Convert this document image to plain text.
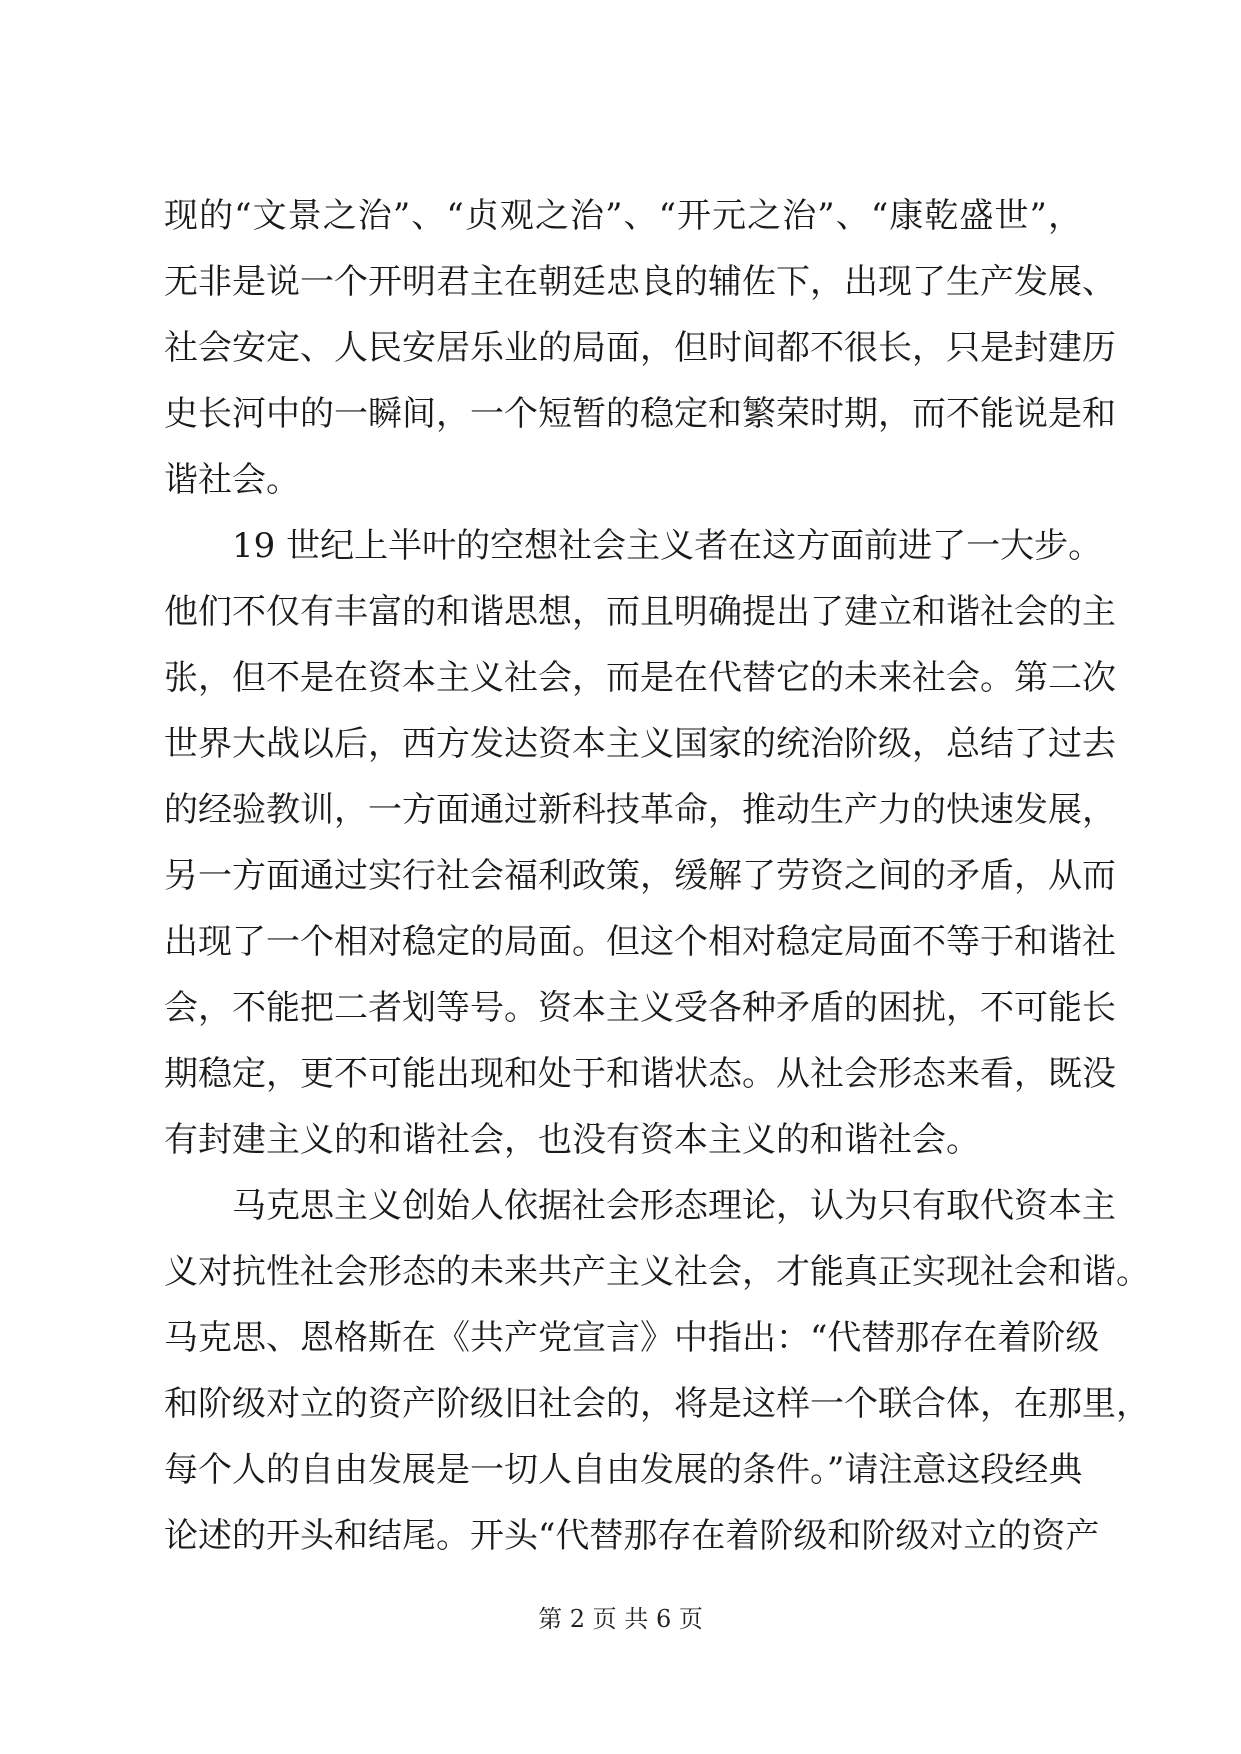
现的“文景之治”、“贞观之治”、“开元之治”、“康乾盛世”，
无非是说一个开明君主在朝廷忠良的辅佐下，出现了生产发展、
社会安定、人民安居乐业的局面，但时间都不很长，只是封建历
史长河中的一瞬间，一个短暂的稳定和繁荣时期，而不能说是和
谐社会。
19 世纪上半叶的空想社会主义者在这方面前进了一大步。
他们不仅有丰富的和谐思想，而且明确提出了建立和谐社会的主
张，但不是在资本主义社会，而是在代替它的未来社会。第二次
世界大战以后，西方发达资本主义国家的统治阶级，总结了过去
的经验教训，一方面通过新科技革命，推动生产力的快速发展，
另一方面通过实行社会福利政策，缓解了劳资之间的矛盾，从而
出现了一个相对稳定的局面。但这个相对稳定局面不等于和谐社
会，不能把二者划等号。资本主义受各种矛盾的困扰，不可能长
期稳定，更不可能出现和处于和谐状态。从社会形态来看，既没
有封建主义的和谐社会，也没有资本主义的和谐社会。
马克思主义创始人依据社会形态理论，认为只有取代资本主
义对抗性社会形态的未来共产主义社会，才能真正实现社会和谐。
马克思、恩格斯在《共产党宣言》中指出：“代替那存在着阶级
和阶级对立的资产阶级旧社会的，将是这样一个联合体，在那里，
每个人的自由发展是一切人自由发展的条件。”请注意这段经典
论述的开头和结尾。开头“代替那存在着阶级和阶级对立的资产
第 2 页 共 6 页
